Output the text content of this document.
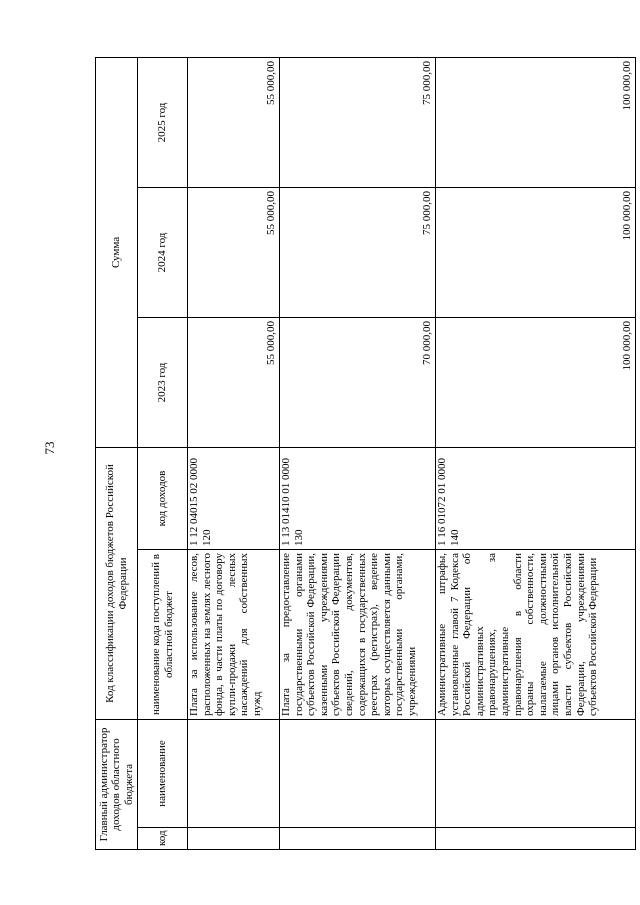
73
Главный администратор доходов областного бюджета		Код классификации доходов бюджетов Российской Федерации		Сумма		
код	наименование	наименование кода поступлений в областной бюджет	код доходов	2023 год	2024 год	2025 год
		Плата за использование лесов, расположенных на землях лесного фонда, в части платы по договору купли-продажи лесных насаждений для собственных нужд	1 12 04015 02 0000 120	55 000,00	55 000,00	55 000,00
		Плата за предоставление государственными органами субъектов Российской Федерации, казенными учреждениями субъектов Российской Федерации сведений, документов, содержащихся в государственных реестрах (регистрах), ведение которых осуществляется данными государственными органами, учреждениями	1 13 01410 01 0000 130	70 000,00	75 000,00	75 000,00
		Административные штрафы, установленные главой 7 Кодекса Российской Федерации об административных правонарушениях, за административные правонарушения в области охраны собственности, налагаемые должностными лицами органов исполнительной власти субъектов Российской Федерации, учреждениями субъектов Российской Федерации	1 16 01072 01 0000 140	100 000,00	100 000,00	100 000,00
